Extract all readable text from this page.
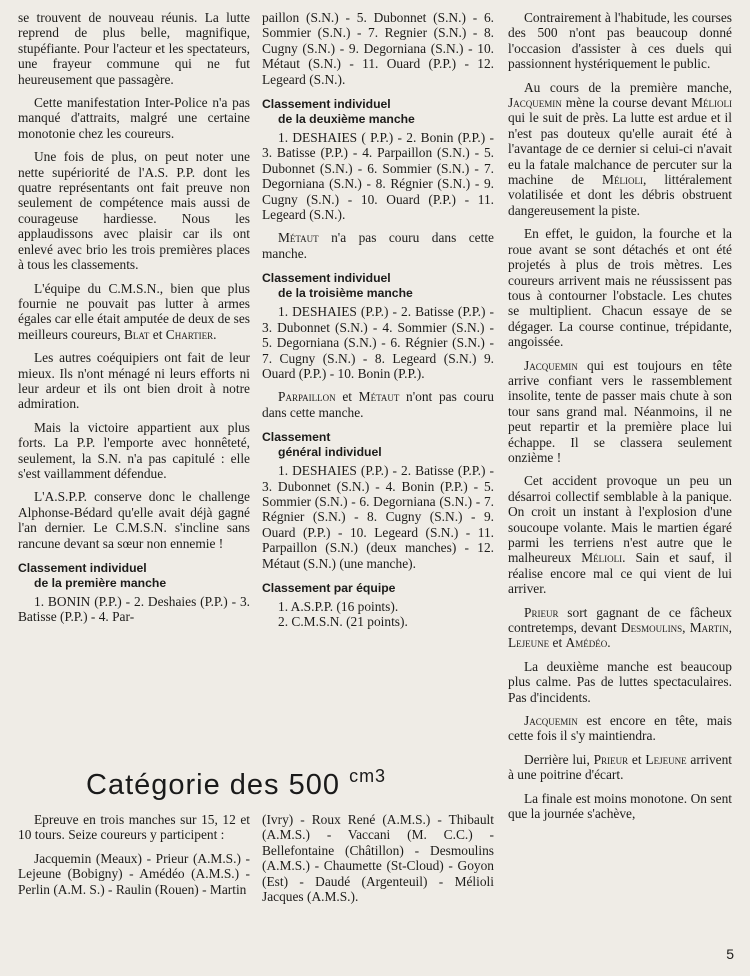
se trouvent de nouveau réunis. La lutte reprend de plus belle, magnifique, stupéfiante. Pour l'acteur et les spectateurs, une frayeur commune qui ne fut heureusement que passagère.

Cette manifestation Inter-Police n'a pas manqué d'attraits, malgré une certaine monotonie chez les coureurs.

Une fois de plus, on peut noter une nette supériorité de l'A.S. P.P. dont les quatre représentants ont fait preuve non seulement de compétence mais aussi de courageuse hardiesse. Nous les applaudissons avec plaisir car ils ont enlevé avec brio les trois premières places à tous les classements.

L'équipe du C.M.S.N., bien que plus fournie ne pouvait pas lutter à armes égales car elle était amputée de deux de ses meilleurs coureurs, Blat et Chartier.

Les autres coéquipiers ont fait de leur mieux. Ils n'ont ménagé ni leurs efforts ni leur ardeur et ils ont bien droit à notre admiration.

Mais la victoire appartient aux plus forts. La P.P. l'emporte avec honnêteté, seulement, la S.N. n'a pas capitulé : elle s'est vaillamment défendue.

L'A.S.P.P. conserve donc le challenge Alphonse-Bédard qu'elle avait déjà gagné l'an dernier. Le C.M.S.N. s'incline sans rancune devant sa sœur non ennemie !

Classement individuel

de la première manche

1. BONIN (P.P.) - 2. Deshaies (P.P.) - 3. Batisse (P.P.) - 4. Par-

paillon (S.N.) - 5. Dubonnet (S.N.) - 6. Sommier (S.N.) - 7. Regnier (S.N.) - 8. Cugny (S.N.) - 9. Degorniana (S.N.) - 10. Métaut (S.N.) - 11. Ouard (P.P.) - 12. Legeard (S.N.).

Classement individuel

de la deuxième manche

1. DESHAIES ( P.P.) - 2. Bonin (P.P.) - 3. Batisse (P.P.) - 4. Parpaillon (S.N.) - 5. Dubonnet (S.N.) - 6. Sommier (S.N.) - 7. Degorniana (S.N.) - 8. Régnier (S.N.) - 9. Cugny (S.N.) - 10. Ouard (P.P.) - 11. Legeard (S.N.).

Métaut n'a pas couru dans cette manche.

Classement individuel

de la troisième manche

1. DESHAIES (P.P.) - 2. Batisse (P.P.) - 3. Dubonnet (S.N.) - 4. Sommier (S.N.) - 5. Degorniana (S.N.) - 6. Régnier (S.N.) - 7. Cugny (S.N.) - 8. Legeard (S.N.) 9. Ouard (P.P.) - 10. Bonin (P.P.).

Parpaillon et Métaut n'ont pas couru dans cette manche.

Classement

général individuel

1. DESHAIES (P.P.) - 2. Batisse (P.P.) - 3. Dubonnet (S.N.) - 4. Bonin (P.P.) - 5. Sommier (S.N.) - 6. Degorniana (S.N.) - 7. Régnier (S.N.) - 8. Cugny (S.N.) - 9. Ouard (P.P.) - 10. Legeard (S.N.) - 11. Parpaillon (S.N.) (deux manches) - 12. Métaut (S.N.) (une manche).

Classement par équipe

1. A.S.P.P. (16 points).

2. C.M.S.N. (21 points).

Contrairement à l'habitude, les courses des 500 n'ont pas beaucoup donné l'occasion d'assister à ces duels qui passionnent hystériquement le public.

Au cours de la première manche, Jacquemin mène la course devant Mélioli qui le suit de près. La lutte est ardue et il n'est pas douteux qu'elle aurait été à l'avantage de ce dernier si celui-ci n'avait eu la fatale malchance de percuter sur la machine de Mélioli, littéralement volatilisée et dont les débris obstruent dangereusement la piste.

En effet, le guidon, la fourche et la roue avant se sont détachés et ont été projetés à plus de trois mètres. Les coureurs arrivent mais ne réussissent pas tous à contourner l'obstacle. Les chutes se multiplient. Chacun essaye de se dégager. La course continue, trépidante, angoissée.

Jacquemin qui est toujours en tête arrive confiant vers le rassemblement insolite, tente de passer mais chute à son tour sans grand mal. Néanmoins, il ne peut repartir et la première place lui échappe. Il se classera seulement onzième !

Cet accident provoque un peu un désarroi collectif semblable à la panique. On croit un instant à l'explosion d'une soucoupe volante. Mais le martien égaré parmi les terriens n'est autre que le malheureux Mélioli. Sain et sauf, il réalise encore mal ce qui vient de lui arriver.

Prieur sort gagnant de ce fâcheux contretemps, devant Desmoulins, Martin, Lejeune et Amédéo.

La deuxième manche est beaucoup plus calme. Pas de luttes spectaculaires. Pas d'incidents.

Jacquemin est encore en tête, mais cette fois il s'y maintiendra.

Derrière lui, Prieur et Lejeune arrivent à une poitrine d'écart.

La finale est moins monotone. On sent que la journée s'achève,

Catégorie des 500 $^{cm3}$

Epreuve en trois manches sur 15, 12 et 10 tours. Seize coureurs y participent :

Jacquemin (Meaux) - Prieur (A.M.S.) - Lejeune (Bobigny) - Amédéo (A.M.S.) - Perlin (A.M. S.) - Raulin (Rouen) - Martin

(Ivry) - Roux René (A.M.S.) - Thibault (A.M.S.) - Vaccani (M. C.C.) - Bellefontaine (Châtillon) - Desmoulins (A.M.S.) - Chaumette (St-Cloud) - Goyon (Est) - Daudé (Argenteuil) - Mélioli Jacques (A.M.S.).

5
